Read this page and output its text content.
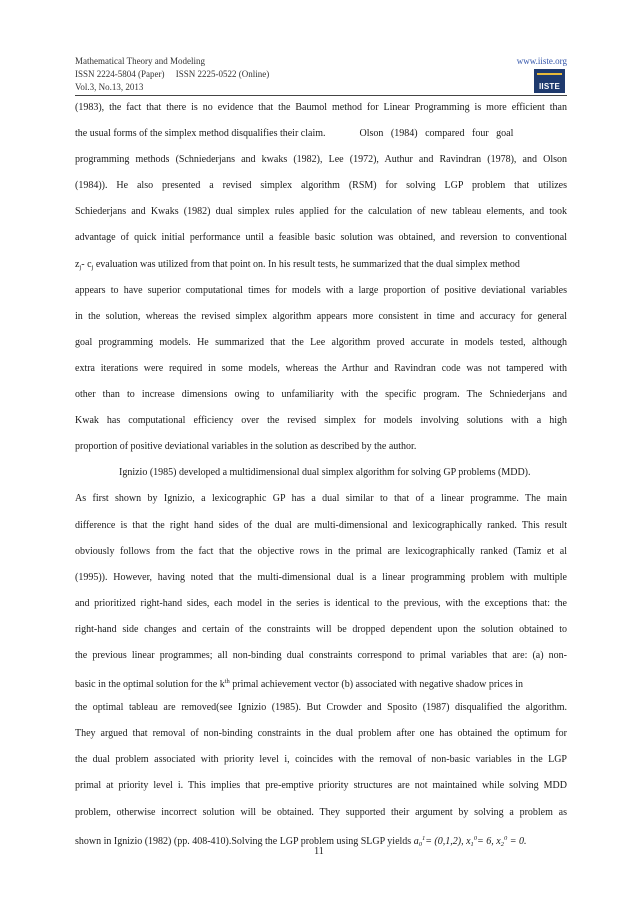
Mathematical Theory and Modeling	www.iiste.org
ISSN 2224-5804 (Paper)     ISSN 2225-0522 (Online)
Vol.3, No.13, 2013	IISTE
(1983), the fact that there is no evidence that the Baumol method for Linear Programming is more efficient than
the usual forms of the simplex method disqualifies their claim.	Olson   (1984)   compared   four   goal
programming methods (Schniederjans and kwaks (1982), Lee (1972), Authur and Ravindran (1978), and Olson
(1984)). He also presented a revised simplex algorithm (RSM) for solving LGP problem that utilizes
Schiederjans and Kwaks (1982) dual simplex rules applied for the calculation of new tableau elements, and took
advantage of quick initial performance until a feasible basic solution was obtained, and reversion to conventional
$z_j-$ $c_j$ evaluation was utilized from that point on. In his result tests, he summarized that the dual simplex method
appears to have superior computational times for models with a large proportion of positive deviational variables
in the solution, whereas the revised simplex algorithm appears more consistent in time and accuracy for general
goal programming models. He summarized that the Lee algorithm proved accurate in models tested, although
extra iterations were required in some models, whereas the Arthur and Ravindran code was not tampered with
other than to increase dimensions owing to unfamiliarity with the specific program. The Schniederjans and
Kwak has computational efficiency over the revised simplex for models involving solutions with a high
proportion of positive deviational variables in the solution as described by the author.
Ignizio (1985) developed a multidimensional dual simplex algorithm for solving GP problems (MDD).
As first shown by Ignizio, a lexicographic GP has a dual similar to that of a linear programme. The main
difference is that the right hand sides of the dual are multi-dimensional and lexicographically ranked. This result
obviously follows from the fact that the objective rows in the primal are lexicographically ranked (Tamiz et al
(1995)). However, having noted that the multi-dimensional dual is a linear programming problem with multiple
and prioritized right-hand sides, each model in the series is identical to the previous, with the exceptions that: the
right-hand side changes and certain of the constraints will be dropped dependent upon the solution obtained to
the previous linear programmes; all non-binding dual constraints correspond to primal variables that are: (a) non-
basic in the optimal solution for the $k^{th}$ primal achievement vector (b) associated with negative shadow prices in
the optimal tableau are removed(see Ignizio (1985). But Crowder and Sposito (1987) disqualified the algorithm.
They argued that removal of non-binding constraints in the dual problem after one has obtained the optimum for
the dual problem associated with priority level i, coincides with the removal of non-basic variables in the LGP
primal at priority level i. This implies that pre-emptive priority structures are not maintained while solving MDD
problem, otherwise incorrect solution will be obtained. They supported their argument by solving a problem as
shown in Ignizio (1982) (pp. 408-410).Solving the LGP problem using SLGP yields $a_0^1= (0,1,2)$, $x_1^0= 6$, $x_2^0 = 0$.
11
